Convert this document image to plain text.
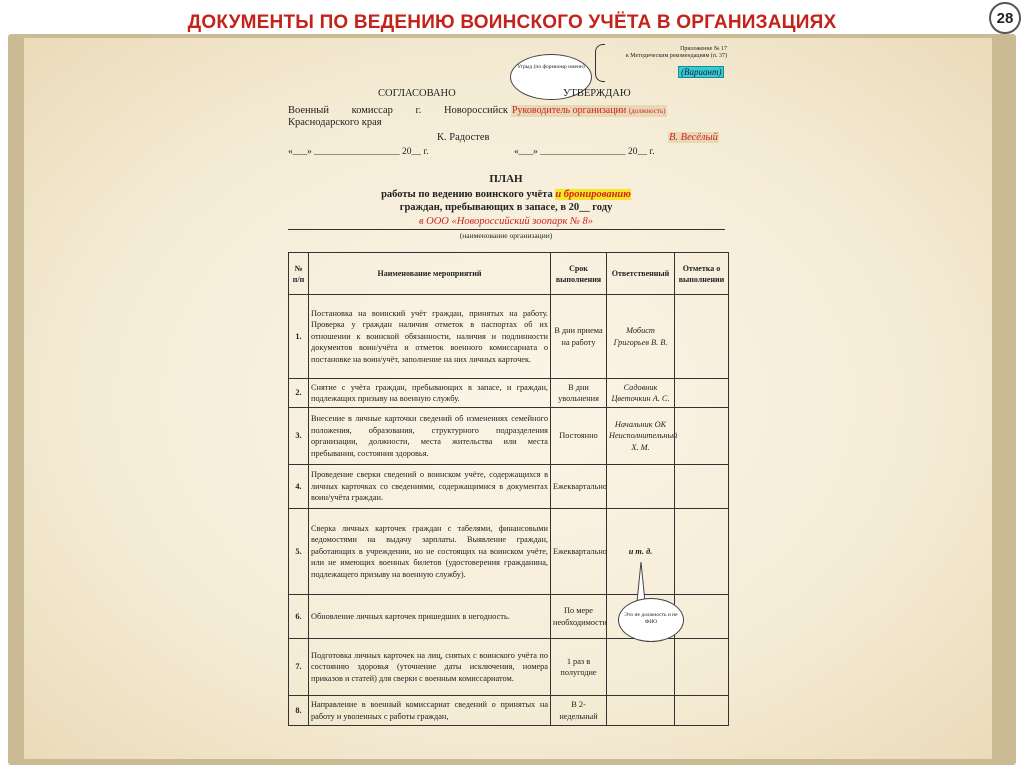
ДОКУМЕНТЫ ПО ВЕДЕНИЮ ВОИНСКОГО УЧЁТА В ОРГАНИЗАЦИЯХ	28
Угрыд (по формиомр имени)
Приложение № 17
к Методическим рекомендациям (п. 37)
(Вариант)
СОГЛАСОВАНО	УТВЕРЖДАЮ
Военный комиссар г. Новороссийск Краснодарского края
Руководитель организации (должность)
К. Радостев	В. Весёлый
«___» __________________ 20__ г.	«___» __________________ 20__ г.
ПЛАН
работы по ведению воинского учёта и бронированию
граждан, пребывающих в запасе, в 20__ году
в ООО «Новороссийский зоопарк № 8»
(наименование организации)
№ п/п	Наименование мероприятий	Срок выполнения	Ответственный	Отметка о выполнении
1.	Постановка на воинский учёт граждан, принятых на работу. Проверка у граждан наличия отметок в паспортах об их отношении к воинской обязанности, наличия и подлинности документов воин/учёта и отметок военного комиссариата о постановке на воин/учёт, заполнение на них личных карточек.	В дни приема на работу	Мобист Григорьев В. В.	
2.	Снятие с учёта граждан, пребывающих в запасе, и граждан, подлежащих призыву на военную службу.	В дни увольнения	Садовник Цветочкин А. С.	
3.	Внесение в личные карточки сведений об изменениях семейного положения, образования, структурного подразделения организации, должности, места жительства или места пребывания, состояния здоровья.	Постоянно	Начальник ОК Неисполнительный Х. М.	
4.	Проведение сверки сведений о воинском учёте, содержащихся в личных карточках со сведениями, содержащимися в документах воин/учёта граждан.	Ежеквартально		
5.	Сверка личных карточек граждан с табелями, финансовыми ведомостями на выдачу зарплаты. Выявление граждан, работающих в учреждении, но не состоящих на воинском учёте, или не имеющих военных билетов (удостоверения гражданина, подлежащего призыву на военную службу).	Ежеквартально	и т. д.	
6.	Обновление личных карточек пришедших в негодность.	По мере необходимости		
7.	Подготовка личных карточек на лиц, снятых с воинского учёта по состоянию здоровья (уточнение даты исключения, номера приказов и статей) для сверки с военным комиссариатом.	1 раз в полугодие		
8.	Направление в военный комиссариат сведений о принятых на работу и уволенных с работы граждан,	В 2-недельный		
Это не должность и не ФИО
